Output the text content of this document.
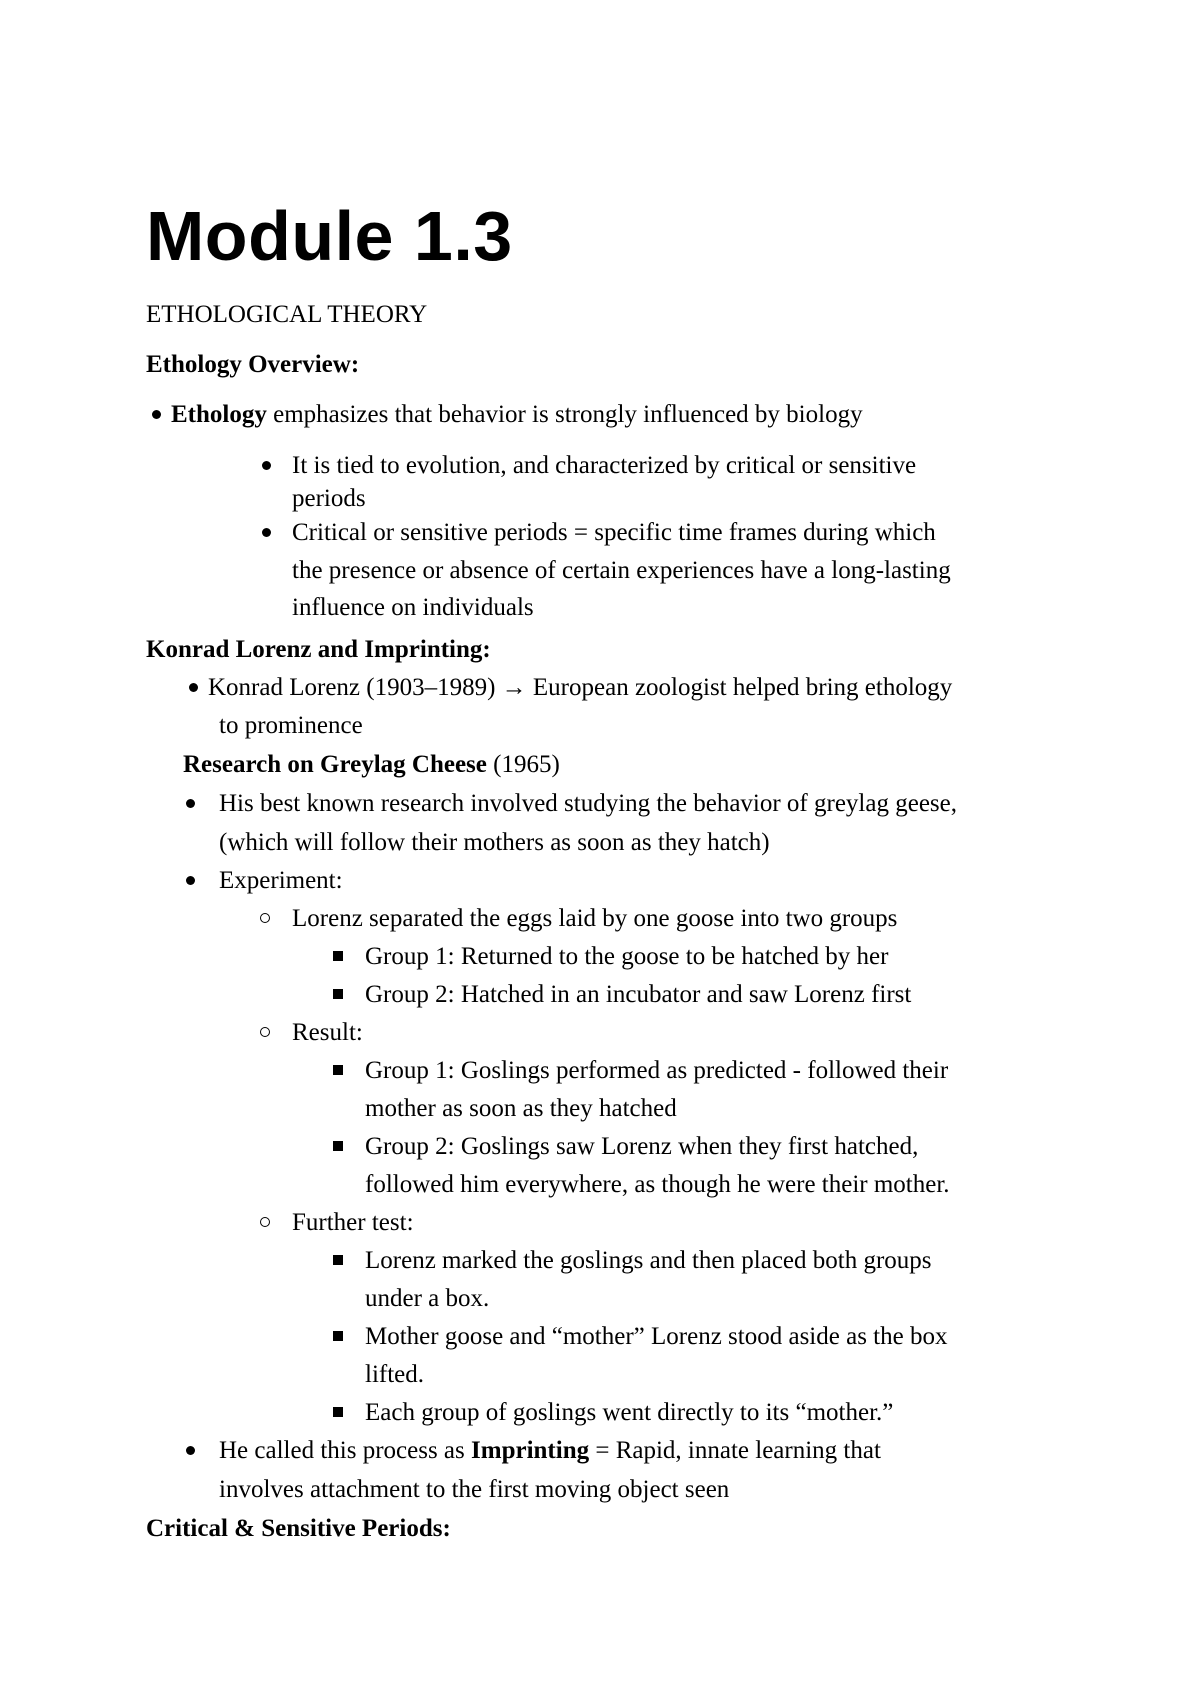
Module 1.3

ETHOLOGICAL THEORY

Ethology Overview:

Ethology emphasizes that behavior is strongly influenced by biology

It is tied to evolution, and characterized by critical or sensitive

periods

Critical or sensitive periods = specific time frames during which

the presence or absence of certain experiences have a long-lasting

influence on individuals

Konrad Lorenz and Imprinting:

Konrad Lorenz (1903–1989) → European zoologist helped bring ethology

to prominence

Research on Greylag Cheese (1965)

His best known research involved studying the behavior of greylag geese,

(which will follow their mothers as soon as they hatch)

Experiment:

Lorenz separated the eggs laid by one goose into two groups

Group 1: Returned to the goose to be hatched by her

Group 2: Hatched in an incubator and saw Lorenz first

Result:

Group 1: Goslings performed as predicted - followed their

mother as soon as they hatched

Group 2: Goslings saw Lorenz when they first hatched,

followed him everywhere, as though he were their mother.

Further test:

Lorenz marked the goslings and then placed both groups

under a box.

Mother goose and “mother” Lorenz stood aside as the box

lifted.

Each group of goslings went directly to its “mother.”

He called this process as Imprinting = Rapid, innate learning that

involves attachment to the first moving object seen

Critical & Sensitive Periods:
